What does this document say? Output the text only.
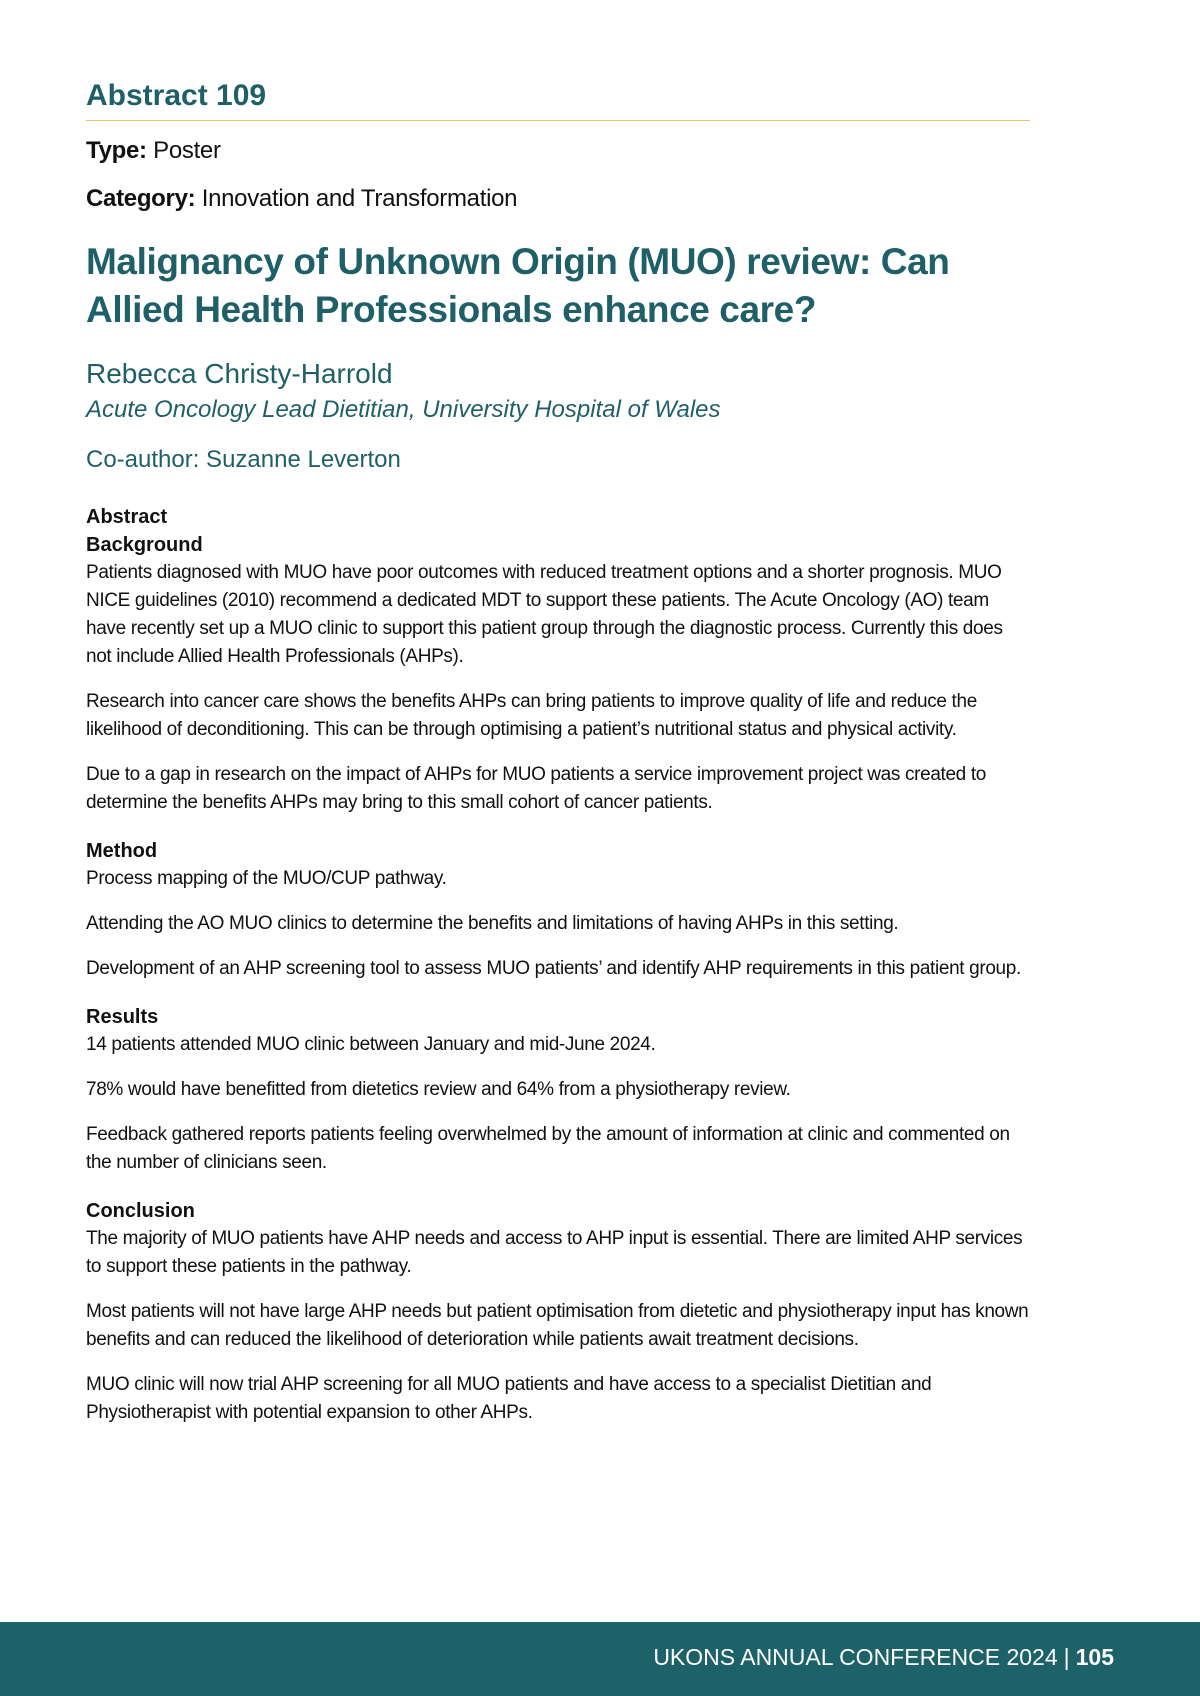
Abstract 109

Type: Poster

Category: Innovation and Transformation

Malignancy of Unknown Origin (MUO) review: Can Allied Health Professionals enhance care?

Rebecca Christy-Harrold

Acute Oncology Lead Dietitian, University Hospital of Wales

Co-author: Suzanne Leverton

Abstract
Background

Patients diagnosed with MUO have poor outcomes with reduced treatment options and a shorter prognosis. MUO NICE guidelines (2010) recommend a dedicated MDT to support these patients. The Acute Oncology (AO) team have recently set up a MUO clinic to support this patient group through the diagnostic process. Currently this does not include Allied Health Professionals (AHPs).

Research into cancer care shows the benefits AHPs can bring patients to improve quality of life and reduce the likelihood of deconditioning. This can be through optimising a patient’s nutritional status and physical activity.

Due to a gap in research on the impact of AHPs for MUO patients a service improvement project was created to determine the benefits AHPs may bring to this small cohort of cancer patients.

Method

Process mapping of the MUO/CUP pathway.

Attending the AO MUO clinics to determine the benefits and limitations of having AHPs in this setting.

Development of an AHP screening tool to assess MUO patients’ and identify AHP requirements in this patient group.

Results

14 patients attended MUO clinic between January and mid-June 2024.

78% would have benefitted from dietetics review and 64% from a physiotherapy review.

Feedback gathered reports patients feeling overwhelmed by the amount of information at clinic and commented on the number of clinicians seen.

Conclusion

The majority of MUO patients have AHP needs and access to AHP input is essential. There are limited AHP services to support these patients in the pathway.

Most patients will not have large AHP needs but patient optimisation from dietetic and physiotherapy input has known benefits and can reduced the likelihood of deterioration while patients await treatment decisions.

MUO clinic will now trial AHP screening for all MUO patients and have access to a specialist Dietitian and Physiotherapist with potential expansion to other AHPs.

UKONS ANNUAL CONFERENCE 2024 | 105
